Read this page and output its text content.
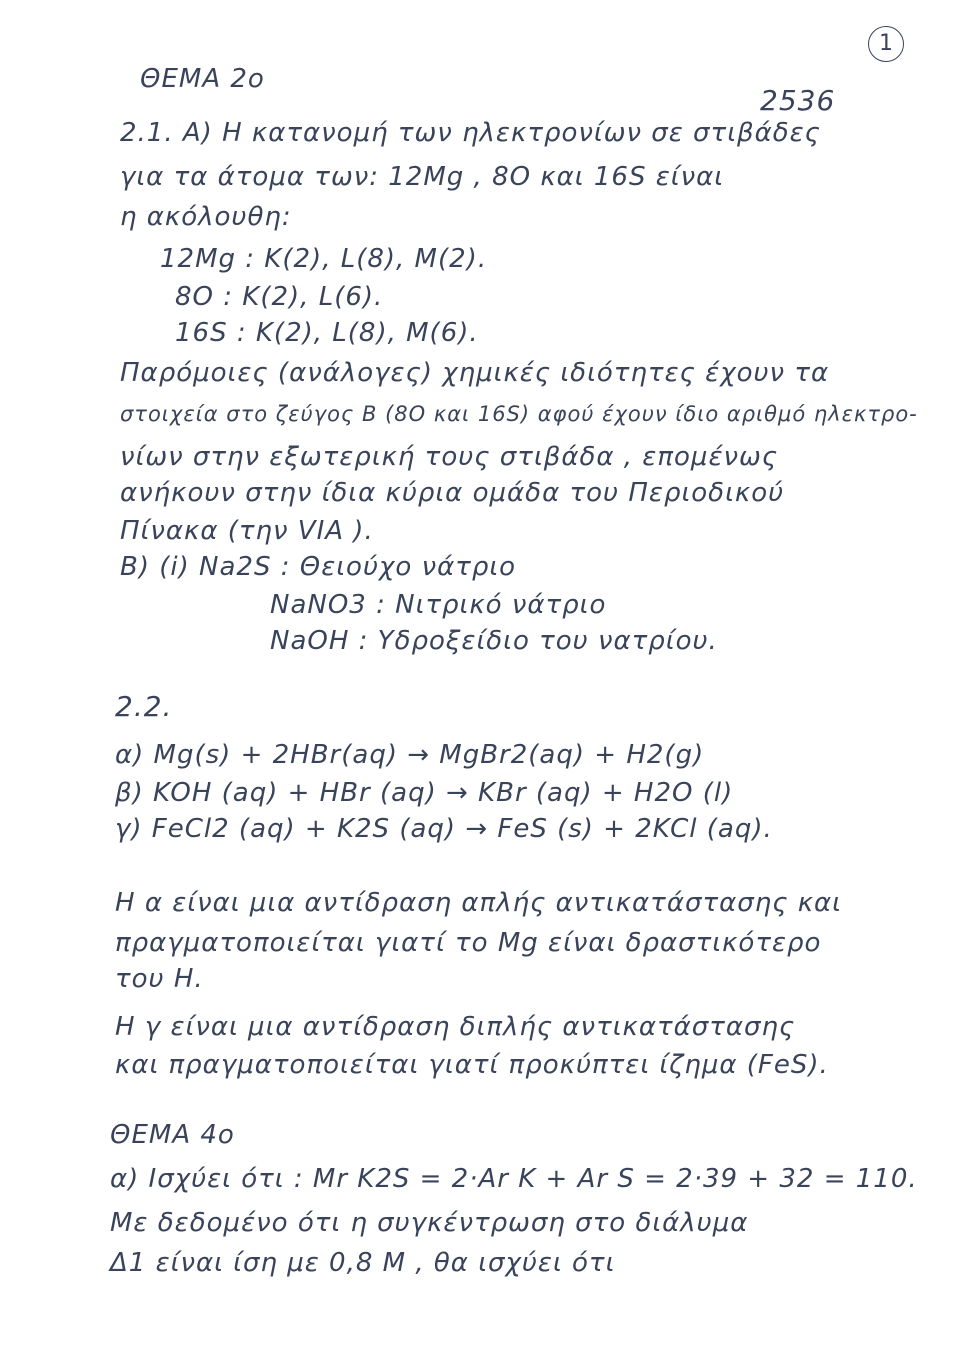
1
ΘΕΜΑ 2ο
2536
2.1. Α) Η κατανομή των ηλεκτρονίων σε στιβάδες
για τα άτομα των: 12Mg , 8O και 16S είναι
η ακόλουθη:
12Mg : K(2), L(8), M(2).
8O : K(2), L(6).
16S : K(2), L(8), M(6).
Παρόμοιες (ανάλογες) χημικές ιδιότητες έχουν τα
στοιχεία στο ζεύγος Β (8O και 16S) αφού έχουν ίδιο αριθμό ηλεκτρο-
νίων στην εξωτερική τους στιβάδα , επομένως
ανήκουν στην ίδια κύρια ομάδα του Περιοδικού
Πίνακα (την VIA ).
Β) (i) Na2S : Θειούχο νάτριο
NaNO3 : Νιτρικό νάτριο
NaOH : Υδροξείδιο του νατρίου.
2.2.
α) Mg(s) + 2HBr(aq) → MgBr2(aq) + H2(g)
β) KOH (aq) + HBr (aq) → KBr (aq) + H2O (l)
γ) FeCl2 (aq) + K2S (aq) → FeS (s) + 2KCl (aq).
Η α είναι μια αντίδραση απλής αντικατάστασης και
πραγματοποιείται γιατί το Mg είναι δραστικότερο
του Η.
Η γ είναι μια αντίδραση διπλής αντικατάστασης
και πραγματοποιείται γιατί προκύπτει ίζημα (FeS).
ΘΕΜΑ 4ο
α) Ισχύει ότι : Mr K2S = 2·Ar K + Ar S = 2·39 + 32 = 110.
Με δεδομένο ότι η συγκέντρωση στο διάλυμα
Δ1 είναι ίση με 0,8 M , θα ισχύει ότι
